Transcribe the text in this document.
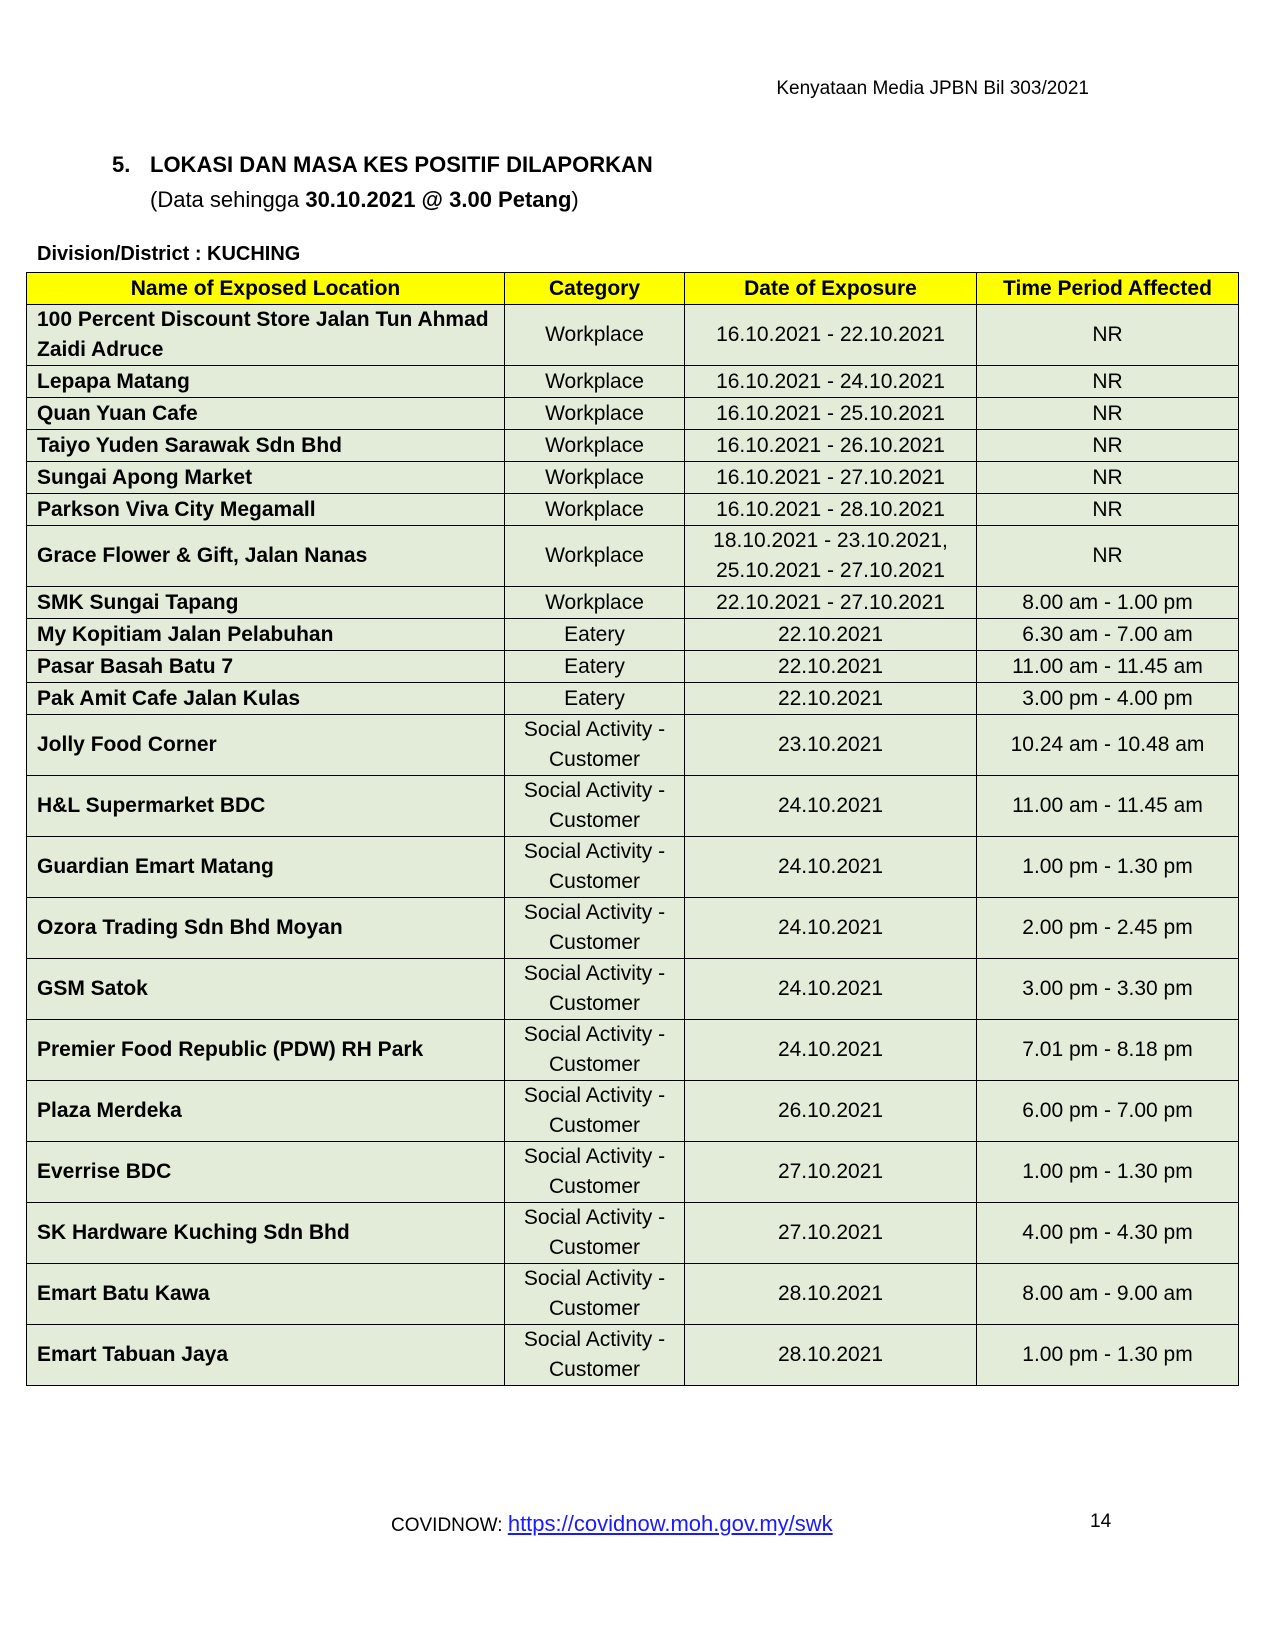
Kenyataan Media JPBN Bil 303/2021
5. LOKASI DAN MASA KES POSITIF DILAPORKAN
(Data sehingga 30.10.2021 @ 3.00 Petang)
Division/District : KUCHING
Name of Exposed Location	Category	Date of Exposure	Time Period Affected
100 Percent Discount Store Jalan Tun Ahmad Zaidi Adruce	Workplace	16.10.2021 - 22.10.2021	NR
Lepapa Matang	Workplace	16.10.2021 - 24.10.2021	NR
Quan Yuan Cafe	Workplace	16.10.2021 - 25.10.2021	NR
Taiyo Yuden Sarawak Sdn Bhd	Workplace	16.10.2021 - 26.10.2021	NR
Sungai Apong Market	Workplace	16.10.2021 - 27.10.2021	NR
Parkson Viva City Megamall	Workplace	16.10.2021 - 28.10.2021	NR
Grace Flower & Gift, Jalan Nanas	Workplace	18.10.2021 - 23.10.2021, 25.10.2021 - 27.10.2021	NR
SMK Sungai Tapang	Workplace	22.10.2021 - 27.10.2021	8.00 am - 1.00 pm
My Kopitiam Jalan Pelabuhan	Eatery	22.10.2021	6.30 am - 7.00 am
Pasar Basah Batu 7	Eatery	22.10.2021	11.00 am - 11.45 am
Pak Amit Cafe Jalan Kulas	Eatery	22.10.2021	3.00 pm - 4.00 pm
Jolly Food Corner	Social Activity - Customer	23.10.2021	10.24 am - 10.48 am
H&L Supermarket BDC	Social Activity - Customer	24.10.2021	11.00 am - 11.45 am
Guardian Emart Matang	Social Activity - Customer	24.10.2021	1.00 pm - 1.30 pm
Ozora Trading Sdn Bhd Moyan	Social Activity - Customer	24.10.2021	2.00 pm - 2.45 pm
GSM Satok	Social Activity - Customer	24.10.2021	3.00 pm - 3.30 pm
Premier Food Republic (PDW) RH Park	Social Activity - Customer	24.10.2021	7.01 pm - 8.18 pm
Plaza Merdeka	Social Activity - Customer	26.10.2021	6.00 pm - 7.00 pm
Everrise BDC	Social Activity - Customer	27.10.2021	1.00 pm - 1.30 pm
SK Hardware Kuching Sdn Bhd	Social Activity - Customer	27.10.2021	4.00 pm - 4.30 pm
Emart Batu Kawa	Social Activity - Customer	28.10.2021	8.00 am - 9.00 am
Emart Tabuan Jaya	Social Activity - Customer	28.10.2021	1.00 pm - 1.30 pm
COVIDNOW: https://covidnow.moh.gov.my/swk	14
